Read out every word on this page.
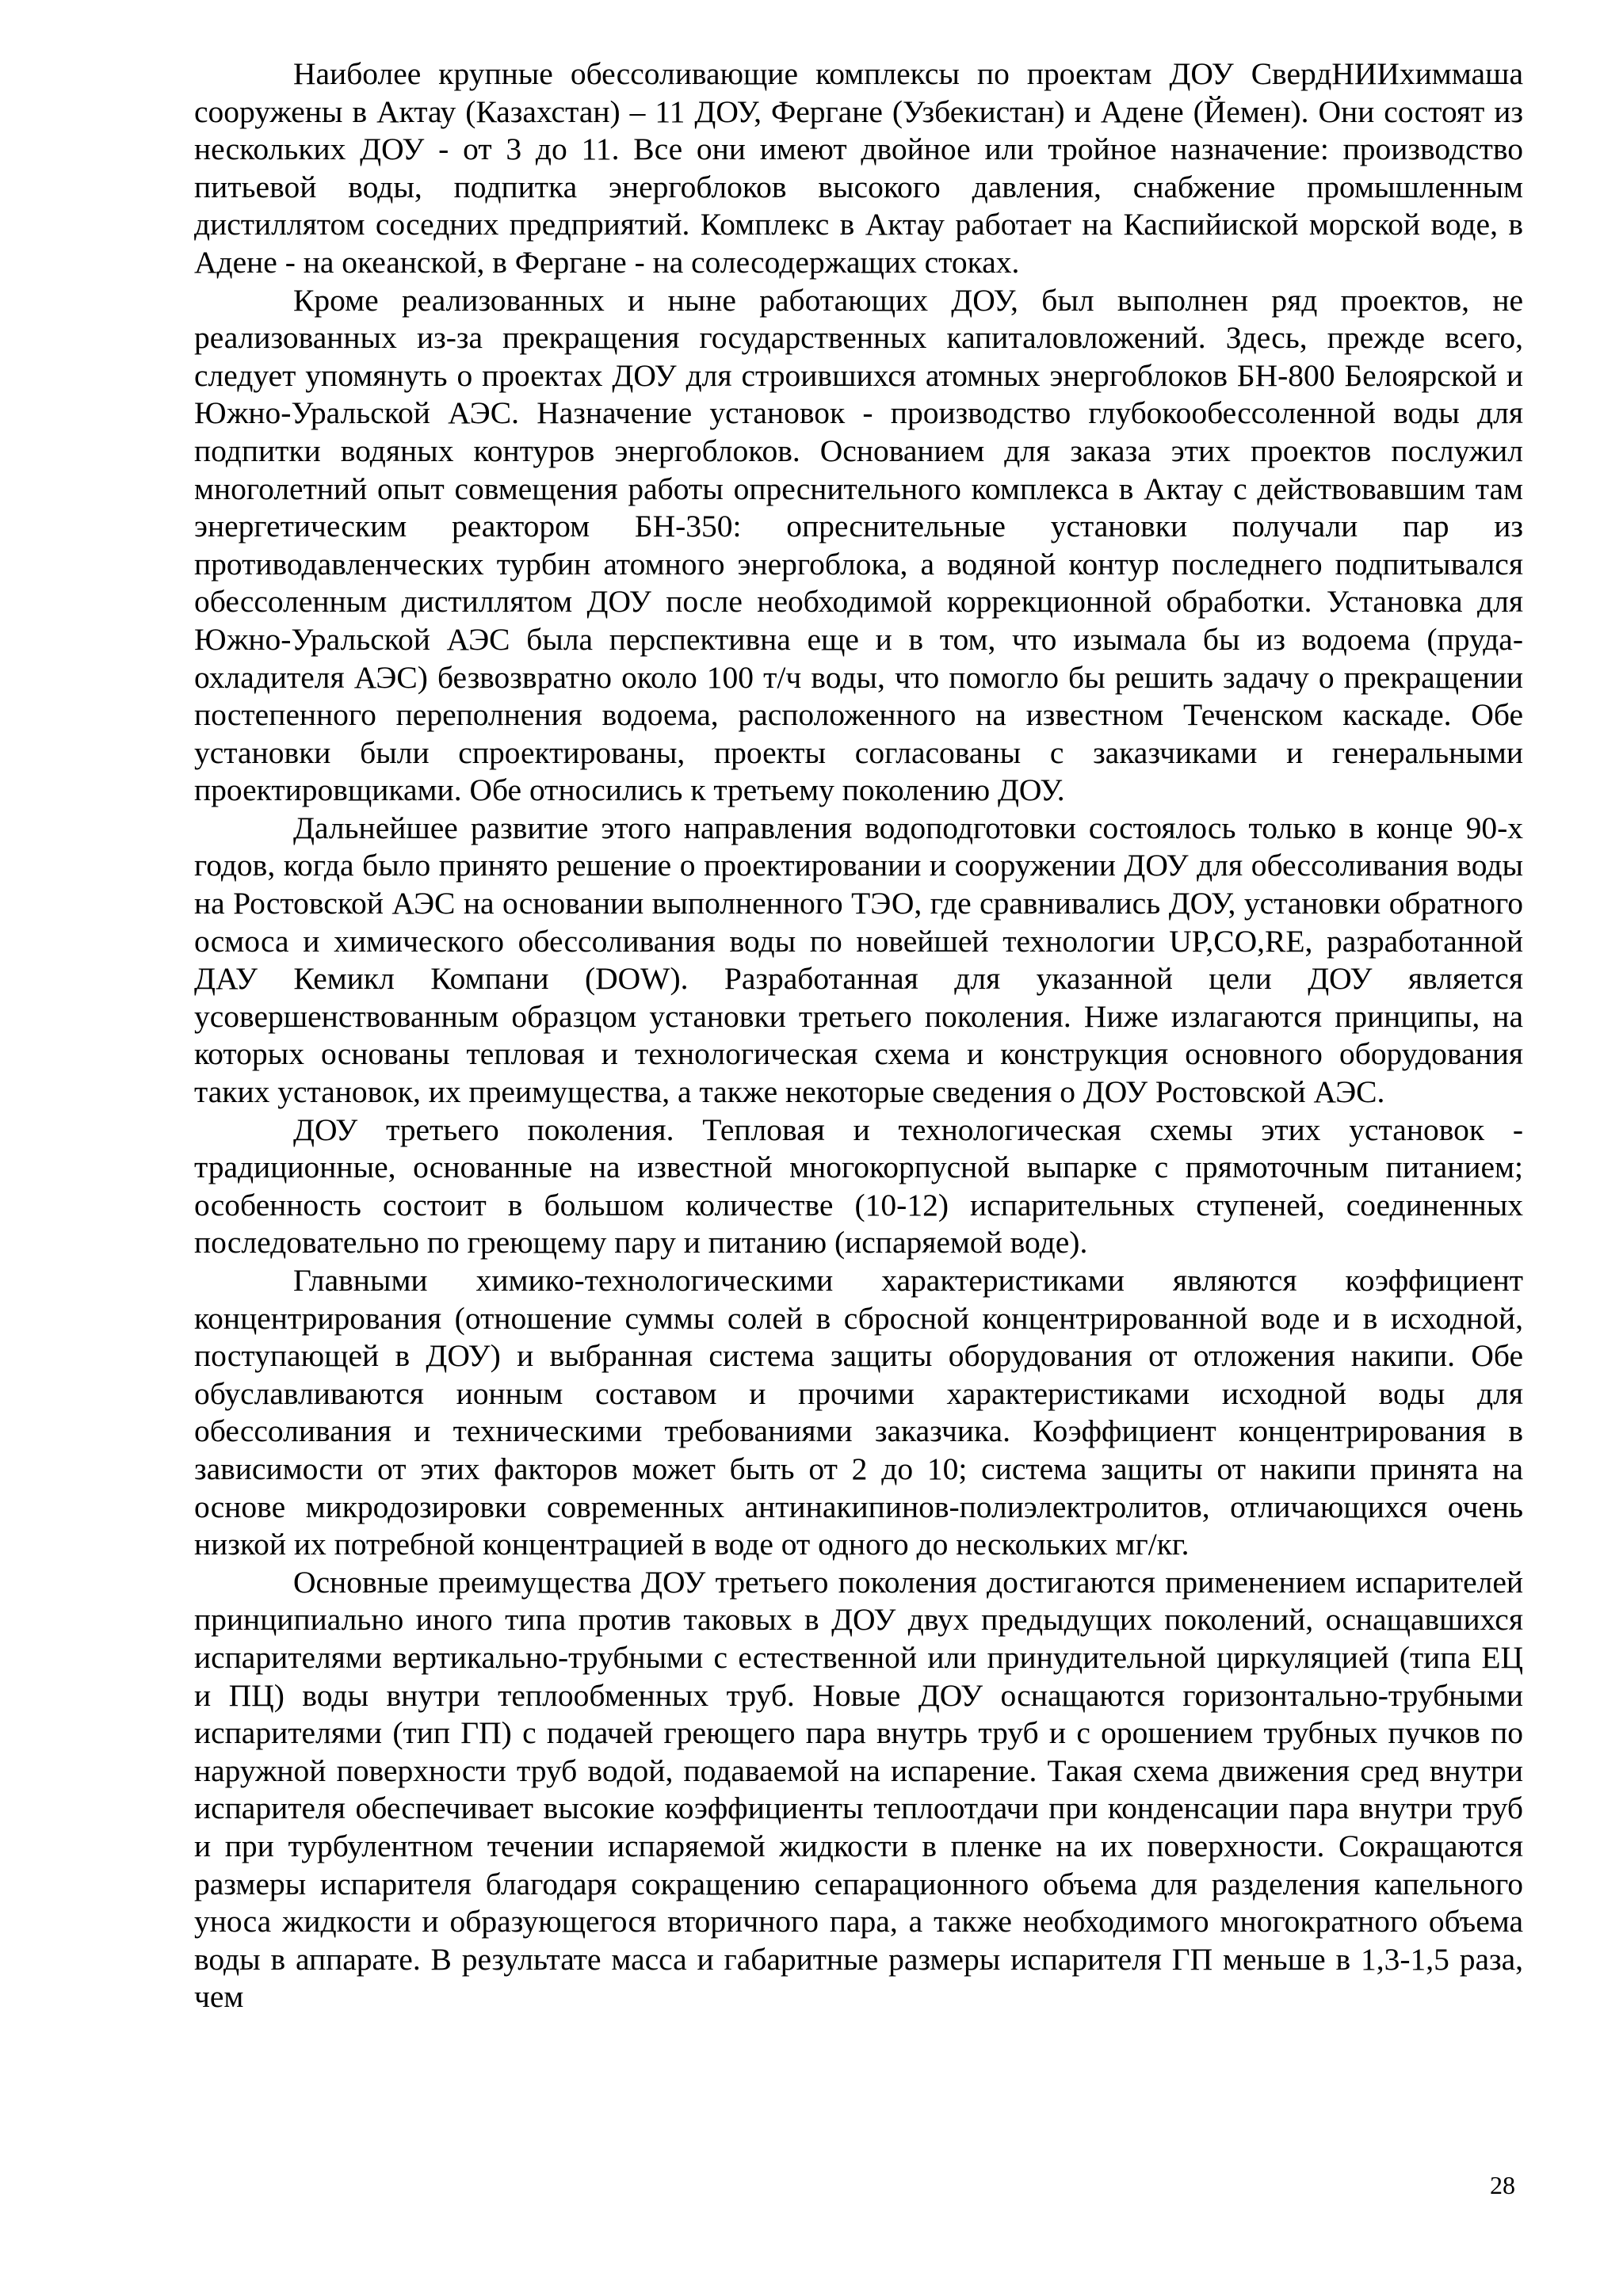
Наиболее крупные обессоливающие комплексы по проектам ДОУ СвердНИИхиммаша сооружены в Актау (Казахстан) – 11 ДОУ, Фергане (Узбекистан) и Адене (Йемен). Они состоят из нескольких ДОУ - от 3 до 11. Все они имеют двойное или тройное назначение: производство питьевой воды, подпитка энергоблоков высокого давления, снабжение промышленным дистиллятом соседних предприятий. Комплекс в Актау работает на Каспийиской морской воде, в Адене - на океанской, в Фергане - на солесодержащих стоках.

Кроме реализованных и ныне работающих ДОУ, был выполнен ряд проектов, не реализованных из-за прекращения государственных капиталовложений. Здесь, прежде всего, следует упомянуть о проектах ДОУ для строившихся атомных энергоблоков БН-800 Белоярской и Южно-Уральской АЭС. Назначение установок - производство глубокообессоленной воды для подпитки водяных контуров энергоблоков. Основанием для заказа этих проектов послужил многолетний опыт совмещения работы опреснительного комплекса в Актау с действовавшим там энергетическим реактором БН-350: опреснительные установки получали пар из противодавленческих турбин атомного энергоблока, а водяной контур последнего подпитывался обессоленным дистиллятом ДОУ после необходимой коррекционной обработки. Установка для Южно-Уральской АЭС была перспективна еще и в том, что изымала бы из водоема (пруда-охладителя АЭС) безвозвратно около 100 т/ч воды, что помогло бы решить задачу о прекращении постепенного переполнения водоема, расположенного на известном Теченском каскаде. Обе установки были спроектированы, проекты согласованы с заказчиками и генеральными проектировщиками. Обе относились к третьему поколению ДОУ.

Дальнейшее развитие этого направления водоподготовки состоялось только в конце 90-х годов, когда было принято решение о проектировании и сооружении ДОУ для обессоливания воды на Ростовской АЭС на основании выполненного ТЭО, где сравнивались ДОУ, установки обратного осмоса и химического обессоливания воды по новейшей технологии UP,CO,RE, разработанной ДАУ Кемикл Компани (DOW). Разработанная для указанной цели ДОУ является усовершенствованным образцом установки третьего поколения. Ниже излагаются принципы, на которых основаны тепловая и технологическая схема и конструкция основного оборудования таких установок, их преимущества, а также некоторые сведения о ДОУ Ростовской АЭС.

ДОУ третьего поколения. Тепловая и технологическая схемы этих установок - традиционные, основанные на известной многокорпусной выпарке с прямоточным питанием; особенность состоит в большом количестве (10-12) испарительных ступеней, соединенных последовательно по греющему пару и питанию (испаряемой воде).

Главными химико-технологическими характеристиками являются коэффициент концентрирования (отношение суммы солей в сбросной концентрированной воде и в исходной, поступающей в ДОУ) и выбранная система защиты оборудования от отложения накипи. Обе обуславливаются ионным составом и прочими характеристиками исходной воды для обессоливания и техническими требованиями заказчика. Коэффициент концентрирования в зависимости от этих факторов может быть от 2 до 10; система защиты от накипи принята на основе микродозировки современных антинакипинов-полиэлектролитов, отличающихся очень низкой их потребной концентрацией в воде от одного до нескольких мг/кг.

Основные преимущества ДОУ третьего поколения достигаются применением испарителей принципиально иного типа против таковых в ДОУ двух предыдущих поколений, оснащавшихся испарителями вертикально-трубными с естественной или принудительной циркуляцией (типа ЕЦ и ПЦ) воды внутри теплообменных труб. Новые ДОУ оснащаются горизонтально-трубными испарителями (тип ГП) с подачей греющего пара внутрь труб и с орошением трубных пучков по наружной поверхности труб водой, подаваемой на испарение. Такая схема движения сред внутри испарителя обеспечивает высокие коэффициенты теплоотдачи при конденсации пара внутри труб и при турбулентном течении испаряемой жидкости в пленке на их поверхности. Сокращаются размеры испарителя благодаря сокращению сепарационного объема для разделения капельного уноса жидкости и образующегося вторичного пара, а также необходимого многократного объема воды в аппарате. В результате масса и габаритные размеры испарителя ГП меньше в 1,3-1,5 раза, чем

28
